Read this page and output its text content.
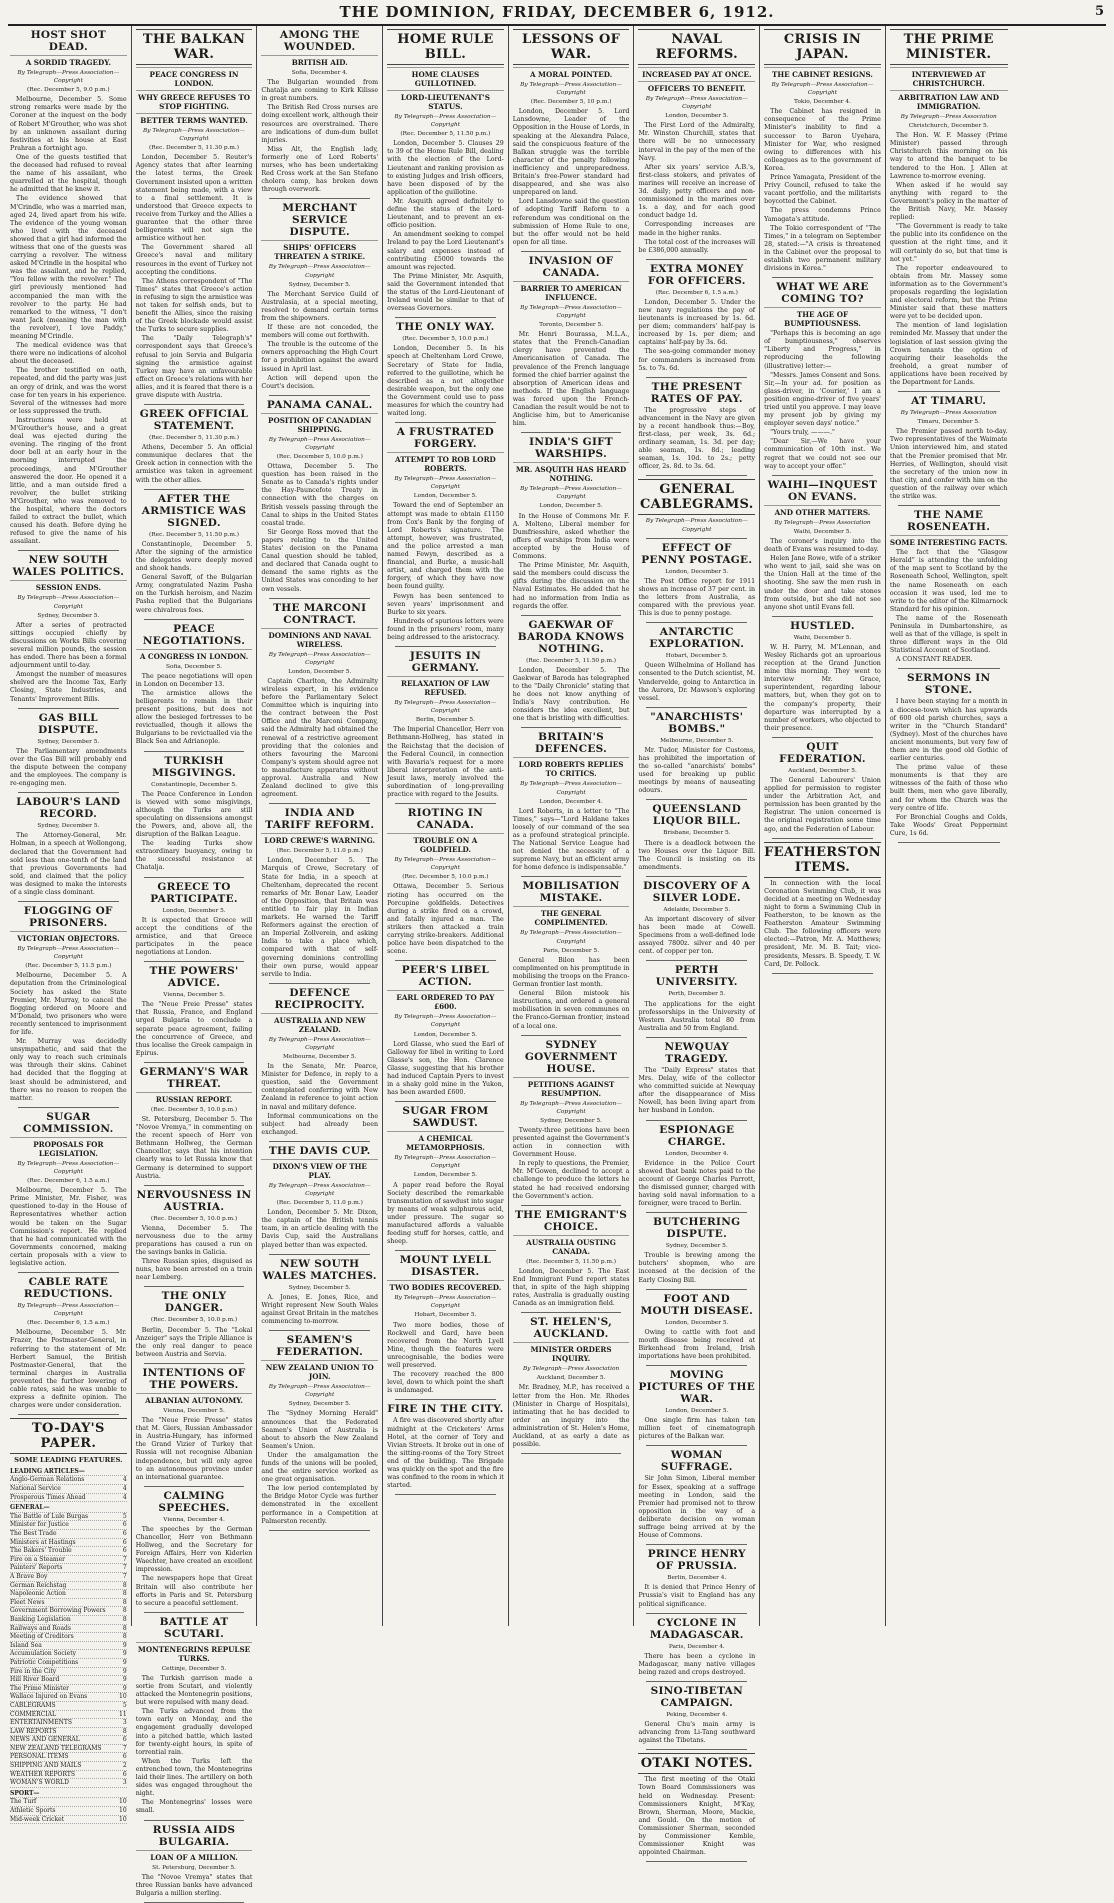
THE DOMINION, FRIDAY, DECEMBER 6, 1912.	5
HOST SHOT DEAD.
A SORDID TRAGEDY.
By Telegraph—Press Association—Copyright
(Rec. December 5, 9.0 p.m.)

Melbourne, December 5. Some strong remarks were made by the Coroner at the inquest on the body of Robert M'Grouther, who was shot by an unknown assailant during festivities at his house at East Prahran a fortnight ago.

One of the guests testified that the deceased had refused to reveal the name of his assailant, who quarrelled at the hospital, though he admitted that he knew it.

The evidence showed that M'Crindle, who was a married man, aged 24, lived apart from his wife. The evidence of the young woman who lived with the deceased showed that a girl had informed the witness that one of the guests was carrying a revolver. The witness asked M'Crindle in the hospital who was the assailant, and he replied, "You fellow with the revolver." The girl previously mentioned had accompanied the man with the revolver to the party. He had remarked to the witness, "I don't want Jack (meaning the man with the revolver), I love Paddy," meaning M'Crindle.

The medical evidence was that there were no indications of alcohol about the deceased.

The brother testified on oath, repeated, and did the party was just an orgy of drink, and was the worst case for ten years in his experience. Several of the witnesses had more or less suppressed the truth.

Instructions were held at M'Grouther's house, and a great deal was ejected during the evening. The ringing of the front door bell at an early hour in the morning interrupted the proceedings, and M'Grouther answered the door. He opened it a little, and a man outside fired a revolver, the bullet striking M'Grouther, who was removed to the hospital, where the doctors failed to extract the bullet, which caused his death. Before dying he refused to give the name of his assailant.

NEW SOUTH WALES POLITICS.
SESSION ENDS.
By Telegraph—Press Association—Copyright
Sydney, December 5.

After a series of protracted sittings occupied chiefly by discussions on Works Bills covering several million pounds, the session has ended. There has been a formal adjournment until to-day.

Amongst the number of measures shelved are the Income Tax, Early Closing, State Industries, and Tenants' Improvement Bills.

GAS BILL DISPUTE.
Sydney, December 5.

The Parliamentary amendments over the Gas Bill will probably end the dispute between the company and the employees. The company is re-engaging men.

LABOUR'S LAND RECORD.
Sydney, December 5.

The Attorney-General, Mr. Holman, in a speech at Wollongong, declared that the Government had sold less than one-tenth of the land that previous Governments had sold, and claimed that the policy was designed to make the interests of a single class dominant.

FLOGGING OF PRISONERS.
VICTORIAN OBJECTORS.
By Telegraph—Press Association—Copyright
(Rec. December 5, 11.5 p.m.)

Melbourne, December 5. A deputation from the Criminological Society has asked the State Premier, Mr. Murray, to cancel the flogging ordered on Moore and M'Donald, two prisoners who were recently sentenced to imprisonment for life.

Mr. Murray was decidedly unsympathetic, and said that the only way to reach such criminals was through their skins. Cabinet had decided that the flogging at least should be administered, and there was no reason to reopen the matter.

SUGAR COMMISSION.
PROPOSALS FOR LEGISLATION.
By Telegraph—Press Association—Copyright
(Rec. December 6, 1.5 a.m.)

Melbourne, December 5. The Prime Minister, Mr. Fisher, was questioned to-day in the House of Representatives whether action would be taken on the Sugar Commission's report. He replied that he had communicated with the Governments concerned, making certain proposals with a view to legislative action.

CABLE RATE REDUCTIONS.
By Telegraph—Press Association—Copyright
(Rec. December 6, 1.5 a.m.)

Melbourne, December 5. Mr. Frazer, the Postmaster-General, in referring to the statement of Mr. Herbert Samuel, the British Postmaster-General, that the terminal charges in Australia prevented the further lowering of cable rates, said he was unable to express a definite opinion. The charges were under consideration.

TO-DAY'S PAPER.
SOME LEADING FEATURES.
LEADING ARTICLES—
Anglo-German Relations	4
National Service	4
Prosperous Times Ahead	4
GENERAL—
The Battle of Lule Burgas	5
Minister for Justice	6
The Best Trade	6
Ministers at Hastings	6
The Bakers' Trouble	6
Fire on a Steamer	7
Painters' Reports	7
A Brave Boy	7
German Reichstag	8
Napoleonic Action	8
Fleet News	8
Government Borrowing Powers	8
Banking Legislation	8
Railways and Roads	8
Meeting of Creditors	8
Island Sea	9
Accumulation Society	9
Patriotic Competitions	9
Fire in the City	9
Hill River Board	9
The Prime Minister	9
Wallace Injured on Evans	10
CABLEGRAMS	5
COMMERCIAL	11
ENTERTAINMENTS	3
LAW REPORTS	8
NEWS AND GENERAL	6
NEW ZEALAND TELEGRAMS	7
PERSONAL ITEMS	6
SHIPPING AND MAILS	2
WEATHER REPORTS	6
WOMAN'S WORLD	3
SPORT—
The Turf	10
Athletic Sports	10
Mid-week Cricket	10
THE BALKAN WAR.
PEACE CONGRESS IN LONDON.
WHY GREECE REFUSES TO STOP FIGHTING.
BETTER TERMS WANTED.
By Telegraph—Press Association—Copyright
(Rec. December 5, 11.30 p.m.)

London, December 5. Reuter's Agency states that after learning the latest terms, the Greek Government insisted upon a written statement being made, with a view to a final settlement. It is understood that Greece expects to receive from Turkey and the Allies a guarantee that the other three belligerents will not sign the armistice without her.

The Government shared all Greece's naval and military resources in the event of Turkey not accepting the conditions.

The Athens correspondent of "The Times" states that Greece's action in refusing to sign the armistice was not taken for selfish ends, but to benefit the Allies, since the raising of the Greek blockade would assist the Turks to secure supplies.

The "Daily Telegraph's" correspondent says that Greece's refusal to join Servia and Bulgaria signing the armistice against Turkey may have an unfavourable effect on Greece's relations with her allies, and it is feared that there is a grave dispute with Austria.

GREEK OFFICIAL STATEMENT.
(Rec. December 5, 11.30 p.m.)

Athens, December 5. An official communique declares that the Greek action in connection with the armistice was taken in agreement with the other allies.

AFTER THE ARMISTICE WAS SIGNED.
(Rec. December 5, 11.50 p.m.)

Constantinople, December 5. After the signing of the armistice the delegates were deeply moved and shook hands.

General Savoff, of the Bulgarian Army, congratulated Nazim Pasha on the Turkish heroism, and Nazim Pasha replied that the Bulgarians were chivalrous foes.

PEACE NEGOTIATIONS.
A CONGRESS IN LONDON.
Sofia, December 5.

The peace negotiations will open in London on December 13.

The armistice allows the belligerents to remain in their present positions, but does not allow the besieged fortresses to be revictualled, though it allows the Bulgarians to be revictualled via the Black Sea and Adrianople.

TURKISH MISGIVINGS.
Constantinople, December 5.

The Peace Conference in London is viewed with some misgivings, although the Turks are still speculating on dissensions amongst the Powers, and, above all, the disruption of the Balkan League.

The leading Turks show extraordinary buoyancy, owing to the successful resistance at Chatalja.

GREECE TO PARTICIPATE.
London, December 5.

It is expected that Greece will accept the conditions of the armistice, and that Greece participates in the peace negotiations at London.

THE POWERS' ADVICE.
Vienna, December 5.

The "Neue Freie Presse" states that Russia, France, and England urged Bulgaria to conclude a separate peace agreement, failing the concurrence of Greece, and thus localise the Greek campaign in Epirus.

GERMANY'S WAR THREAT.
RUSSIAN REPORT.
(Rec. December 5, 10.0 p.m.)

St. Petersburg, December 5. The "Novoe Vremya," in commenting on the recent speech of Herr von Bethmann Hollweg, the German Chancellor, says that his intention clearly was to let Russia know that Germany is determined to support Austria.

NERVOUSNESS IN AUSTRIA.
(Rec. December 5, 10.0 p.m.)

Vienna, December 5. The nervousness due to the army preparations has caused a run on the savings banks in Galicia.

Three Russian spies, disguised as nuns, have been arrested on a train near Lemberg.

THE ONLY DANGER.
(Rec. December 5, 10.0 p.m.)

Berlin, December 5. The "Lokal Anzeiger" says the Triple Alliance is the only real danger to peace between Austria and Servia.

INTENTIONS OF THE POWERS.
ALBANIAN AUTONOMY.
Vienna, December 5.

The "Neue Freie Presse" states that M. Giers, Russian Ambassador in Austria-Hungary, has informed the Grand Vizier of Turkey that Russia will not recognise Albanian independence, but will only agree to an autonomous province under an international guarantee.

CALMING SPEECHES.
Vienna, December 4.

The speeches by the German Chancellor, Herr von Bethmann Hollweg, and the Secretary for Foreign Affairs, Herr von Kiderlen Waechter, have created an excellent impression.

The newspapers hope that Great Britain will also contribute her efforts in Paris and St. Petersburg to secure a peaceful settlement.

BATTLE AT SCUTARI.
MONTENEGRINS REPULSE TURKS.
Cettinje, December 5.

The Turkish garrison made a sortie from Scutari, and violently attacked the Montenegrin positions, but were repulsed with many dead.

The Turks advanced from the town early on Monday, and the engagement gradually developed into a pitched battle, which lasted for twenty-eight hours, in spite of torrential rain.

When the Turks left the entrenched town, the Montenegrins laid their lines. The artillery on both sides was engaged throughout the night.

The Montenegrins' losses were small.

RUSSIA AIDS BULGARIA.
LOAN OF A MILLION.
St. Petersburg, December 5.

The "Novoe Vremya" states that three Russian banks have advanced Bulgaria a million sterling.

AMONG THE WOUNDED.
BRITISH AID.
Sofia, December 4.

The Bulgarian wounded from Chatalja are coming to Kirk Kilisse in great numbers.

The British Red Cross nurses are doing excellent work, although their resources are overstrained. There are indications of dum-dum bullet injuries.

Miss Alt, the English lady, formerly one of Lord Roberts' nurses, who has been undertaking Red Cross work at the San Stefano cholera camp, has broken down through overwork.

MERCHANT SERVICE DISPUTE.
SHIPS' OFFICERS THREATEN A STRIKE.
By Telegraph—Press Association—Copyright
Sydney, December 5.

The Merchant Service Guild of Australasia, at a special meeting, resolved to demand certain terms from the shipowners.

If these are not conceded, the members will come out forthwith.

The trouble is the outcome of the owners approaching the High Court for a prohibition against the award issued in April last.

Action will depend upon the Court's decision.

PANAMA CANAL.
POSITION OF CANADIAN SHIPPING.
By Telegraph—Press Association—Copyright
(Rec. December 5, 10.0 p.m.)

Ottawa, December 5. The question has been raised in the Senate as to Canada's rights under the Hay-Pauncefote Treaty in connection with the charges on British vessels passing through the Canal to ships in the United States coastal trade.

Sir George Ross moved that the papers relating to the United States' decision on the Panama Canal question should be tabled, and declared that Canada ought to demand the same rights as the United States was conceding to her own vessels.

THE MARCONI CONTRACT.
DOMINIONS AND NAVAL WIRELESS.
By Telegraph—Press Association—Copyright
London, December 5.

Captain Charlton, the Admiralty wireless expert, in his evidence before the Parliamentary Select Committee which is inquiring into the contract between the Post Office and the Marconi Company, said the Admiralty had obtained the renewal of a restrictive agreement providing that the colonies and others favouring the Marconi Company's system should agree not to manufacture apparatus without approval. Australia and New Zealand declined to give this agreement.

INDIA AND TARIFF REFORM.
LORD CREWE'S WARNING.
(Rec. December 5, 11.0 p.m.)

London, December 5. The Marquis of Crewe, Secretary of State for India, in a speech at Cheltenham, deprecated the recent remarks of Mr. Bonar Law, Leader of the Opposition, that Britain was entitled to fair play in Indian markets. He warned the Tariff Reformers against the erection of an Imperial Zollverein, and asking India to take a place which, compared with that of self-governing dominions controlling their own purse, would appear servile to India.

DEFENCE RECIPROCITY.
AUSTRALIA AND NEW ZEALAND.
By Telegraph—Press Association—Copyright
Melbourne, December 5.

In the Senate, Mr. Pearce, Minister for Defence, in reply to a question, said the Government contemplated conferring with New Zealand in reference to joint action in naval and military defence.

Informal communications on the subject had already been exchanged.

THE DAVIS CUP.
DIXON'S VIEW OF THE PLAY.
By Telegraph—Press Association—Copyright
(Rec. December 5, 11.0 p.m.)

London, December 5. Mr. Dixon, the captain of the British tennis team, in an article dealing with the Davis Cup, said the Australians played better than was expected.

NEW SOUTH WALES MATCHES.
Sydney, December 5.

A. Jones, E. Jones, Rice, and Wright represent New South Wales against Great Britain in the matches commencing to-morrow.

SEAMEN'S FEDERATION.
NEW ZEALAND UNION TO JOIN.
By Telegraph—Press Association—Copyright
Sydney, December 5.

The "Sydney Morning Herald" announces that the Federated Seamen's Union of Australia is about to absorb the New Zealand Seamen's Union.

Under the amalgamation the funds of the unions will be pooled, and the entire service worked as one great organisation.

The low period contemplated by the Bridge Motor Cycle was further demonstrated in the excellent performance in a Competition at Palmerston recently.

HOME RULE BILL.
HOME CLAUSES GUILLOTINED.
LORD-LIEUTENANT'S STATUS.
By Telegraph—Press Association—Copyright
(Rec. December 5, 11.50 p.m.)

London, December 5. Clauses 29 to 39 of the Home Rule Bill, dealing with the election of the Lord-Lieutenant and ranking provision as to existing Judges and Irish officers, have been disposed of by the application of the guillotine.

Mr. Asquith agreed definitely to define the status of the Lord-Lieutenant, and to prevent an ex-officio position.

An amendment seeking to compel Ireland to pay the Lord Lieutenant's salary and expenses instead of contributing £5000 towards the amount was rejected.

The Prime Minister, Mr. Asquith, said the Government intended that the status of the Lord-Lieutenant of Ireland would be similar to that of overseas Governors.

THE ONLY WAY.
(Rec. December 5, 10.0 p.m.)

London, December 5. In his speech at Cheltenham Lord Crewe, Secretary of State for India, referred to the guillotine, which he described as a not altogether desirable weapon, but the only one the Government could use to pass measures for which the country had waited long.

A FRUSTRATED FORGERY.
ATTEMPT TO ROB LORD ROBERTS.
By Telegraph—Press Association—Copyright
London, December 5.

Toward the end of September an attempt was made to obtain £1150 from Cox's Bank by the forging of Lord Roberts's signature. The attempt, however, was frustrated, and the police arrested a man named Fewyn, described as a financial, and Burke, a music-hall artist, and charged them with the forgery, of which they have now been found guilty.

Fewyn has been sentenced to seven years' imprisonment and Burke to six years.

Hundreds of spurious letters were found in the prisoners' room, many being addressed to the aristocracy.

JESUITS IN GERMANY.
RELAXATION OF LAW REFUSED.
By Telegraph—Press Association—Copyright
Berlin, December 5.

The Imperial Chancellor, Herr von Bethmann-Hollweg, has stated in the Reichstag that the decision of the Federal Council, in connection with Bavaria's request for a more liberal interpretation of the anti-Jesuit laws, merely involved the subordination of long-prevailing practice with regard to the Jesuits.

RIOTING IN CANADA.
TROUBLE ON A GOLDFIELD.
By Telegraph—Press Association—Copyright
(Rec. December 5, 10.0 p.m.)

Ottawa, December 5. Serious rioting has occurred on the Porcupine goldfields. Detectives during a strike fired on a crowd, and fatally injured a man. The strikers then attacked a train carrying strike-breakers. Additional police have been dispatched to the scene.

PEER'S LIBEL ACTION.
EARL ORDERED TO PAY £600.
By Telegraph—Press Association—Copyright
London, December 5.

Lord Glasse, who sued the Earl of Galloway for libel in writing to Lord Glasse's son, the Hon. Clarence Glasse, suggesting that his brother had induced Captain Pyers to invest in a shaky gold mine in the Yukon, has been awarded £600.

SUGAR FROM SAWDUST.
A CHEMICAL METAMORPHOSIS.
By Telegraph—Press Association—Copyright
London, December 5.

A paper read before the Royal Society described the remarkable transmutation of sawdust into sugar by means of weak sulphurous acid, under pressure. The sugar so manufactured affords a valuable feeding stuff for horses, cattle, and sheep.

MOUNT LYELL DISASTER.
TWO BODIES RECOVERED.
By Telegraph—Press Association—Copyright
Hobart, December 5.

Two more bodies, those of Rockwell and Gard, have been recovered from the North Lyell Mine, though the features were unrecognisable, the bodies were well preserved.

The recovery reached the 800 level, down to which point the shaft is undamaged.

FIRE IN THE CITY.

A fire was discovered shortly after midnight at the Cricketers' Arms Hotel, at the corner of Tory and Vivian Streets. It broke out in one of the sitting-rooms of the Tory Street end of the building. The Brigade was quickly on the spot and the fire was confined to the room in which it started.

LESSONS OF WAR.
A MORAL POINTED.
By Telegraph—Press Association—Copyright
(Rec. December 5, 10 p.m.)

London, December 5. Lord Lansdowne, Leader of the Opposition in the House of Lords, in speaking at the Alexandra Palace, said the conspicuous feature of the Balkan struggle was the terrible character of the penalty following inefficiency and unpreparedness. Britain's free-Power standard had disappeared, and she was also unprepared on land.

Lord Lansdowne said the question of adopting Tariff Reform to a referendum was conditional on the submission of Home Rule to one, but the offer would not be held open for all time.

INVASION OF CANADA.
BARRIER TO AMERICAN INFLUENCE.
By Telegraph—Press Association—Copyright
Toronto, December 5.

Mr. Henri Bourassa, M.L.A., states that the French-Canadian clergy have prevented the Americanisation of Canada. The prevalence of the French language formed the chief barrier against the absorption of American ideas and methods. If the English language was forced upon the French-Canadian the result would be not to Anglicise him, but to Americanise him.

INDIA'S GIFT WARSHIPS.
MR. ASQUITH HAS HEARD NOTHING.
By Telegraph—Press Association—Copyright
London, December 5.

In the House of Commons Mr. F. A. Molteno, Liberal member for Dumfriesshire, asked whether the offers of warships from India were accepted by the House of Commons.

The Prime Minister, Mr. Asquith, said the members could discuss the gifts during the discussion on the Naval Estimates. He added that he had no information from India as regards the offer.

GAEKWAR OF BARODA KNOWS NOTHING.
(Rec. December 5, 11.50 p.m.)

London, December 5. The Gaekwar of Baroda has telegraphed to the "Daily Chronicle" stating that he does not know anything of India's Navy contribution. He considers the idea excellent, but one that is bristling with difficulties.

BRITAIN'S DEFENCES.
LORD ROBERTS REPLIES TO CRITICS.
By Telegraph—Press Association—Copyright
London, December 4.

Lord Roberts, in a letter to "The Times," says—"Lord Haldane takes loosely of our command of the sea as a profound strategical principle. The National Service League had not denied the necessity of a supreme Navy, but an efficient army for home defence is indispensable."

MOBILISATION MISTAKE.
THE GENERAL COMPLIMENTED.
By Telegraph—Press Association—Copyright
Paris, December 5.

General Bilon has been complimented on his promptitude in mobilising the troops on the Franco-German frontier last month.

General Bilon mistook his instructions, and ordered a general mobilisation in seven communes on the Franco-German frontier, instead of a local one.

SYDNEY GOVERNMENT HOUSE.
PETITIONS AGAINST RESUMPTION.
By Telegraph—Press Association—Copyright
Sydney, December 5.

Twenty-three petitions have been presented against the Government's action in connection with Government House.

In reply to questions, the Premier, Mr. M'Gowen, declined to accept a challenge to produce the letters he stated he had received endorsing the Government's action.

THE EMIGRANT'S CHOICE.
AUSTRALIA OUSTING CANADA.
(Rec. December 5, 11.50 p.m.)

London, December 5. The East End Immigrant Fund report states that, in spite of the high shipping rates, Australia is gradually ousting Canada as an immigration field.

ST. HELEN'S, AUCKLAND.
MINISTER ORDERS INQUIRY.
By Telegraph—Press Association
Auckland, December 5.

Mr. Bradney, M.P., has received a letter from the Hon. Mr. Rhodes (Minister in Charge of Hospitals), intimating that he has decided to order an inquiry into the administration of St. Helen's Home, Auckland, at as early a date as possible.

NAVAL REFORMS.
INCREASED PAY AT ONCE.
OFFICERS TO BENEFIT.
By Telegraph—Press Association—Copyright
London, December 5.

The First Lord of the Admiralty, Mr. Winston Churchill, states that there will be no unnecessary interval in the pay of the men of the Navy.

After six years' service A.B.'s, first-class stokers, and privates of marines will receive an increase of 3d. daily; petty officers and non-commissioned in the marines over 1s. a day, and for each good conduct badge 1d.

Corresponding increases are made in the higher ranks.

The total cost of the increases will be £386,000 annually.

EXTRA MONEY FOR OFFICERS.
(Rec. December 6, 1.5 a.m.)

London, December 5. Under the new navy regulations the pay of lieutenants is increased by 1s. 6d. per diem; commanders' half-pay is increased by 1s. per diem; and captains' half-pay by 3s. 6d.

The sea-going commander money for commanders is increased from 5s. to 7s. 6d.

THE PRESENT RATES OF PAY.

The progressive steps of advancement in the Navy are given by a recent handbook thus:—Boy, first-class, per week, 3s. 6d.; ordinary seaman, 1s. 3d. per day; able seaman, 1s. 8d.; leading seaman, 1s. 10d. to 2s.; petty officer, 2s. 8d. to 3s. 6d.

GENERAL CABLEGRAMS.
By Telegraph—Press Association—Copyright
EFFECT OF PENNY POSTAGE.
London, December 5.

The Post Office report for 1911 shows an increase of 37 per cent. in the letters from Australia, as compared with the previous year. This is due to penny postage.

ANTARCTIC EXPLORATION.
Hobart, December 5.

Queen Wilhelmina of Holland has consented to the Dutch scientist, M. Vandervelde, going to Antarctica in the Aurora, Dr. Mawson's exploring vessel.

"ANARCHISTS' BOMBS."
Melbourne, December 5.

Mr. Tudor, Minister for Customs, has prohibited the importation of the so-called "anarchists' bombs" used for breaking up public meetings by means of nauseating odours.

QUEENSLAND LIQUOR BILL.
Brisbane, December 5.

There is a deadlock between the two Houses over the Liquor Bill. The Council is insisting on its amendments.

DISCOVERY OF A SILVER LODE.
Adelaide, December 5.

An important discovery of silver has been made at Cowell. Specimens from a well-defined lode assayed 7800z. silver and 40 per cent. of copper per ton.

PERTH UNIVERSITY.
Perth, December 5.

The applications for the eight professorships in the University of Western Australia total 80 from Australia and 50 from England.

NEWQUAY TRAGEDY.

The "Daily Express" states that Mrs. Delay, wife of the collector who committed suicide at Newquay after the disappearance of Miss Nowell, has been living apart from her husband in London.

ESPIONAGE CHARGE.
London, December 4.

Evidence in the Police Court showed that bank notes paid to the account of George Charles Parrott, the dismissed gunner, charged with having sold naval information to a foreigner, were traced to Berlin.

BUTCHERING DISPUTE.
Sydney, December 5.

Trouble is brewing among the butchers' shopmen, who are incensed at the decision of the Early Closing Bill.

FOOT AND MOUTH DISEASE.
London, December 5.

Owing to cattle with foot and mouth disease being received at Birkenhead from Ireland, Irish importations have been prohibited.

MOVING PICTURES OF THE WAR.
London, December 5.

One single firm has taken ten million feet of cinematograph pictures of the Balkan war.

WOMAN SUFFRAGE.

Sir John Simon, Liberal member for Essex, speaking at a suffrage meeting in London, said the Premier had promised not to throw opposition in the way of a deliberate decision on woman suffrage being arrived at by the House of Commons.

PRINCE HENRY OF PRUSSIA.
Berlin, December 4.

It is denied that Prince Henry of Prussia's visit to England has any political significance.

CYCLONE IN MADAGASCAR.
Paris, December 4.

There has been a cyclone in Madagascar, many native villages being razed and crops destroyed.

SINO-TIBETAN CAMPAIGN.
Peking, December 4.

General Chu's main army is advancing from Li-Tang southward against the Tibetans.

OTAKI NOTES.

The first meeting of the Otaki Town Board Commissioners was held on Wednesday. Present: Commissioners Knight, M'Kay, Brown, Sherman, Moore, Mackie, and Gould. On the motion of Commissioner Sherman, seconded by Commissioner Kemble, Commissioner Knight was appointed Chairman.

CRISIS IN JAPAN.
THE CABINET RESIGNS.
By Telegraph—Press Association—Copyright
Tokio, December 4.

The Cabinet has resigned in consequence of the Prime Minister's inability to find a successor to Baron Uyehara, Minister for War, who resigned owing to differences with his colleagues as to the government of Korea.

Prince Yamagata, President of the Privy Council, refused to take the vacant portfolio, and the militarists boycotted the Cabinet.

The press condemns Prince Yamagata's attitude.

The Tokio correspondent of "The Times," in a telegram on September 28, stated:—"A crisis is threatened in the Cabinet over the proposal to establish two permanent military divisions in Korea."

WHAT WE ARE COMING TO?
THE AGE OF BUMPTIOUSNESS.

"Perhaps this is becoming an age of bumptiousness," observes "Liberty and Progress," in reproducing the following (illustrative) letter:—

"Messrs. James Consent and Sons. Sir,—In your ad. for position as glass-driver, in 'Courier,' I am a position engine-driver of five years' tried until you approve. I may leave my present job by giving my employer seven days' notice."

"Yours truly, ———."

"Dear Sir,—We have your communication of 10th inst. We regret that we could not see our way to accept your offer."

WAIHI—INQUEST ON EVANS.
AND OTHER MATTERS.
By Telegraph—Press Association
Waihi, December 5.

The coroner's inquiry into the death of Evans was resumed to-day.

Helen Jane Rowe, wife of a striker who went to jail, said she was on the Union Hall at the time of the shooting. She saw the men rush in under the door and take stones from outside, but she did not see anyone shot until Evans fell.

HUSTLED.
Waihi, December 5.

W. H. Parry, M. M'Lennan, and Wesley Richards got an uproarious reception at the Grand Junction mine this morning. They went to interview Mr. Grace, superintendent, regarding labour matters, but, when they got on to the company's property, their departure was interrupted by a number of workers, who objected to their presence.

QUIT FEDERATION.
Auckland, December 5.

The General Labourers' Union applied for permission to register under the Arbitration Act, and permission has been granted by the Registrar. The union concerned is the original registration some time ago, and the Federation of Labour.

FEATHERSTON ITEMS.

In connection with the local Coronation Swimming Club, it was decided at a meeting on Wednesday night to form a Swimming Club in Featherston, to be known as the Featherston Amateur Swimming Club. The following officers were elected:—Patron, Mr. A. Matthews; president, Mr. M. B. Tait; vice-presidents, Messrs. B. Speedy, T. W. Card, Dr. Pollock.

THE PRIME MINISTER.
INTERVIEWED AT CHRISTCHURCH.
ARBITRATION LAW AND IMMIGRATION.
By Telegraph—Press Association
Christchurch, December 5.

The Hon. W. F. Massey (Prime Minister) passed through Christchurch this morning on his way to attend the banquet to be tendered to the Hon. J. Allen at Lawrence to-morrow evening.

When asked if he would say anything with regard to the Government's policy in the matter of the British Navy, Mr. Massey replied:

"The Government is ready to take the public into its confidence on the question at the right time, and it will certainly do so, but that time is not yet."

The reporter endeavoured to obtain from Mr. Massey some information as to the Government's proposals regarding the legislation and electoral reform, but the Prime Minister said that these matters were yet to be decided upon.

The mention of land legislation reminded Mr. Massey that under the legislation of last session giving the Crown tenants the option of acquiring their leaseholds the freehold, a great number of applications have been received by the Department for Lands.

AT TIMARU.
By Telegraph—Press Association
Timaru, December 5.

The Premier passed north to-day. Two representatives of the Waimate Union interviewed him, and stated that the Premier promised that Mr. Herries, of Wellington, should visit the secretary of the union now in that city, and confer with him on the question of the railway over which the strike was.

THE NAME ROSENEATH.
SOME INTERESTING FACTS.

The fact that the "Glasgow Herald" is attending the unfolding of the map sent to Scotland by the Roseneath School, Wellington, spelt the name Roseneath on each occasion it was used, led me to write to the editor of the Kilmarnock Standard for his opinion.

The name of the Roseneath Peninsula in Dumbartonshire, as well as that of the village, is spelt in three different ways in the Old Statistical Account of Scotland.

A CONSTANT READER.

SERMONS IN STONE.

I have been staying for a month in a diocese-town which has upwards of 600 old parish churches, says a writer in the "Church Standard" (Sydney). Most of the churches have ancient monuments, but very few of them are in the good old Gothic of earlier centuries.

The prime value of these monuments is that they are witnesses of the faith of those who built them, men who gave liberally, and for whom the Church was the very centre of life.

For Bronchial Coughs and Colds, Take Woods' Great Peppermint Cure, 1s 6d.
